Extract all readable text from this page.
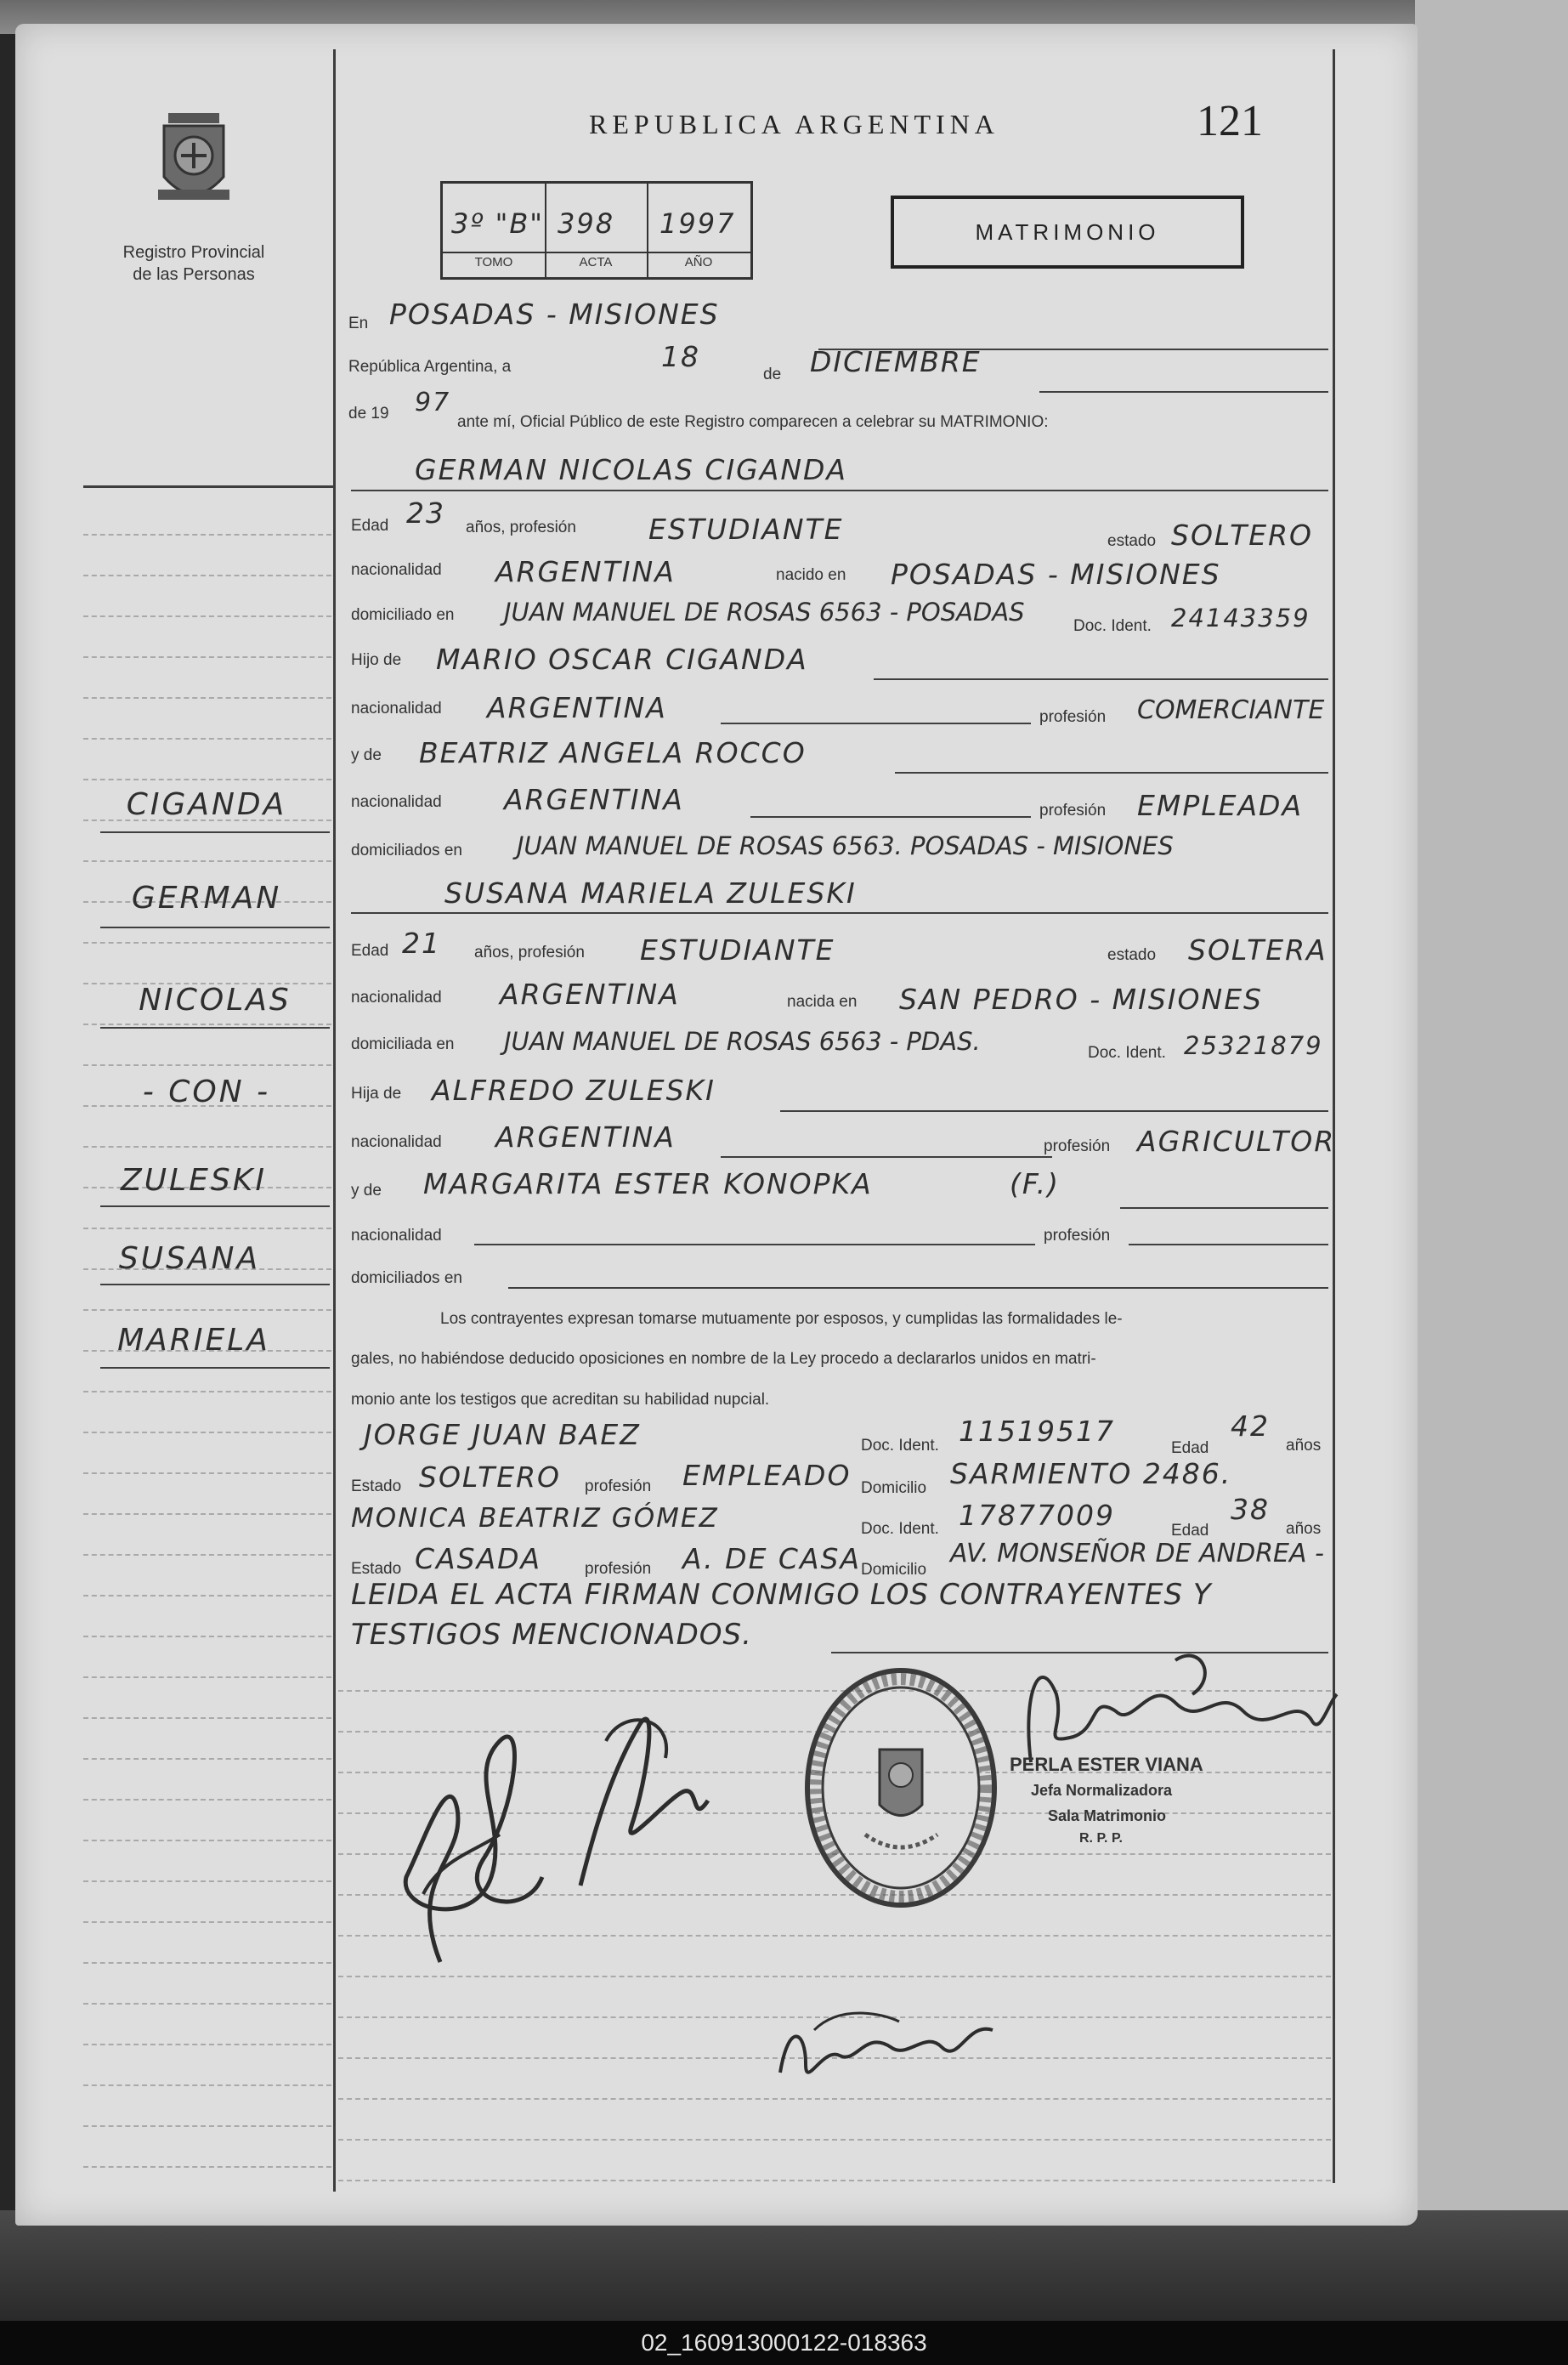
Registro Provincial
de las Personas
REPUBLICA ARGENTINA	121
3º "B" 398 1997
TOMO	ACTA	AÑO
MATRIMONIO
En POSADAS - MISIONES
República Argentina, a	18
de DICIEMBRE
de 19 97
ante mí, Oficial Público de este Registro comparecen a celebrar su MATRIMONIO:
GERMAN NICOLAS CIGANDA
Edad 23 años, profesión	ESTUDIANTE	estado SOLTERO
nacionalidad ARGENTINA	nacido en POSADAS - MISIONES
domiciliado en JUAN MANUEL DE ROSAS 6563 - POSADAS	Doc. Ident. 24143359
Hijo de MARIO OSCAR CIGANDA
nacionalidad ARGENTINA	profesión COMERCIANTE
y de BEATRIZ ANGELA ROCCO
nacionalidad ARGENTINA	profesión EMPLEADA
domiciliados en JUAN MANUEL DE ROSAS 6563. POSADAS - MISIONES
SUSANA MARIELA ZULESKI
Edad 21 años, profesión ESTUDIANTE	estado SOLTERA
nacionalidad ARGENTINA	nacida en SAN PEDRO - MISIONES
domiciliada en JUAN MANUEL DE ROSAS 6563 - PDAS.	Doc. Ident. 25321879
Hija de ALFREDO ZULESKI
nacionalidad ARGENTINA	profesión AGRICULTOR
y de MARGARITA ESTER KONOPKA	(F.)
nacionalidad	profesión
domiciliados en
Los contrayentes expresan tomarse mutuamente por esposos, y cumplidas las formalidades le-
gales, no habiéndose deducido oposiciones en nombre de la Ley procedo a declararlos unidos en matri-
monio ante los testigos que acreditan su habilidad nupcial.
JORGE JUAN BAEZ	Doc. Ident. 11519517
Edad
42
años
Estado SOLTERO profesión EMPLEADO Domicilio SARMIENTO 2486.
MONICA BEATRIZ GÓMEZ	Doc. Ident. 17877009	Edad
38
años
Estado CASADA	profesión A. DE CASA Domicilio
AV. MONSEÑOR DE ANDREA -
LEIDA EL ACTA FIRMAN CONMIGO LOS CONTRAYENTES Y
TESTIGOS MENCIONADOS.
PERLA ESTER VIANA
Jefa Normalizadora
Sala Matrimonio
R. P. P.
CIGANDA
GERMAN
NICOLAS
- CON -
ZULESKI
SUSANA
MARIELA
02_160913000122-018363
